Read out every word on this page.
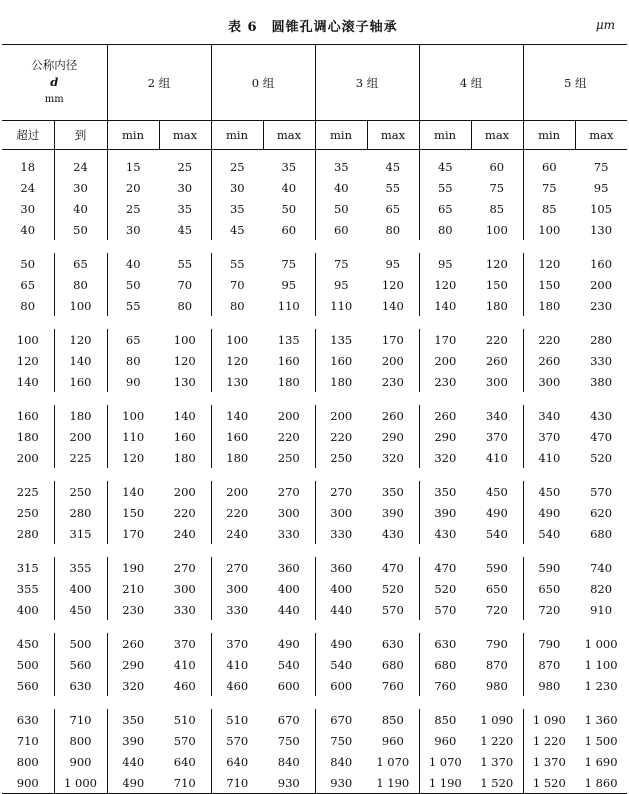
表 6　圆锥孔调心滚子轴承	μm
公称内径
d
mm		2 组		0 组		3 组		4 组		5 组	
超过	到	min	max	min	max	min	max	min	max	min	max
18	24	15	25	25	35	35	45	45	60	60	75
24	30	20	30	30	40	40	55	55	75	75	95
30	40	25	35	35	50	50	65	65	85	85	105
40	50	30	45	45	60	60	80	80	100	100	130

50	65	40	55	55	75	75	95	95	120	120	160
65	80	50	70	70	95	95	120	120	150	150	200
80	100	55	80	80	110	110	140	140	180	180	230

100	120	65	100	100	135	135	170	170	220	220	280
120	140	80	120	120	160	160	200	200	260	260	330
140	160	90	130	130	180	180	230	230	300	300	380

160	180	100	140	140	200	200	260	260	340	340	430
180	200	110	160	160	220	220	290	290	370	370	470
200	225	120	180	180	250	250	320	320	410	410	520

225	250	140	200	200	270	270	350	350	450	450	570
250	280	150	220	220	300	300	390	390	490	490	620
280	315	170	240	240	330	330	430	430	540	540	680

315	355	190	270	270	360	360	470	470	590	590	740
355	400	210	300	300	400	400	520	520	650	650	820
400	450	230	330	330	440	440	570	570	720	720	910

450	500	260	370	370	490	490	630	630	790	790	1 000
500	560	290	410	410	540	540	680	680	870	870	1 100
560	630	320	460	460	600	600	760	760	980	980	1 230

630	710	350	510	510	670	670	850	850	1 090	1 090	1 360
710	800	390	570	570	750	750	960	960	1 220	1 220	1 500
800	900	440	640	640	840	840	1 070	1 070	1 370	1 370	1 690
900	1 000	490	710	710	930	930	1 190	1 190	1 520	1 520	1 860
